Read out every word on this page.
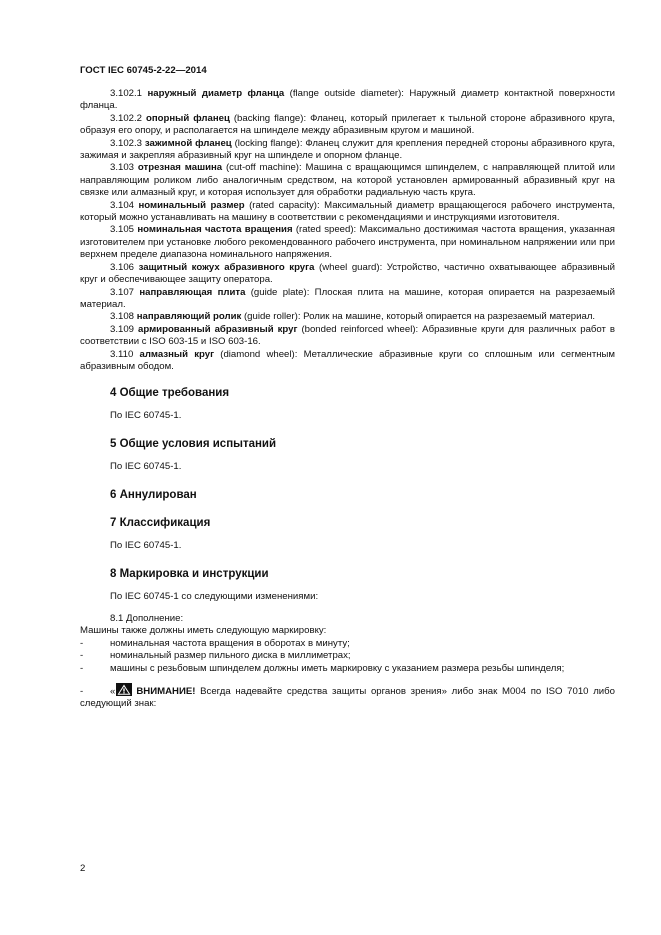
ГОСТ IEC 60745-2-22—2014

3.102.1 наружный диаметр фланца (flange outside diameter): Наружный диаметр контактной поверхности фланца.

3.102.2 опорный фланец (backing flange): Фланец, который прилегает к тыльной стороне абразивного круга, образуя его опору, и располагается на шпинделе между абразивным кругом и машиной.

3.102.3 зажимной фланец (locking flange): Фланец служит для крепления передней стороны абразивного круга, зажимая и закрепляя абразивный круг на шпинделе и опорном фланце.

3.103 отрезная машина (cut-off machine): Машина с вращающимся шпинделем, с направляющей плитой или направляющим роликом либо аналогичным средством, на которой установлен армированный абразивный круг на связке или алмазный круг, и которая использует для обработки радиальную часть круга.

3.104 номинальный размер (rated capacity): Максимальный диаметр вращающегося рабочего инструмента, который можно устанавливать на машину в соответствии с рекомендациями и инструкциями изготовителя.

3.105 номинальная частота вращения (rated speed): Максимально достижимая частота вращения, указанная изготовителем при установке любого рекомендованного рабочего инструмента, при номинальном напряжении или при верхнем пределе диапазона номинального напряжения.

3.106 защитный кожух абразивного круга (wheel guard): Устройство, частично охватывающее абразивный круг и обеспечивающее защиту оператора.

3.107 направляющая плита (guide plate): Плоская плита на машине, которая опирается на разрезаемый материал.

3.108 направляющий ролик (guide roller): Ролик на машине, который опирается на разрезаемый материал.

3.109 армированный абразивный круг (bonded reinforced wheel): Абразивные круги для различных работ в соответствии с ISO 603-15 и ISO 603-16.

3.110 алмазный круг (diamond wheel): Металлические абразивные круги со сплошным или сегментным абразивным ободом.

4 Общие требования

По IEC 60745-1.

5 Общие условия испытаний

По IEC 60745-1.

6 Аннулирован
7 Классификация

По IEC 60745-1.

8 Маркировка и инструкции

По IEC 60745-1 со следующими изменениями:

8.1 Дополнение:

Машины также должны иметь следующую маркировку:

-	номинальная частота вращения в оборотах в минуту;
-	номинальный размер пильного диска в миллиметрах;
-	машины с резьбовым шпинделем должны иметь маркировку с указанием размера резьбы шпинделя;
-	« ВНИМАНИЕ! Всегда надевайте средства защиты органов зрения» либо знак M004 по ISO 7010 либо следующий знак:
2
